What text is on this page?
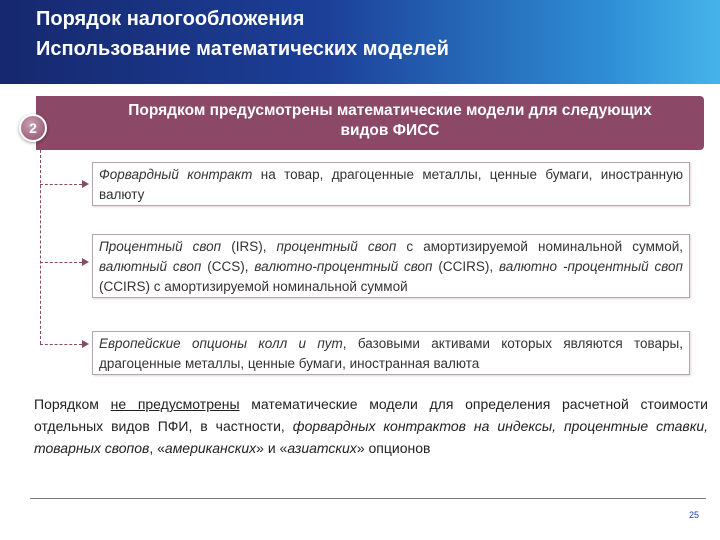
Порядок налогообложения
Использование математических моделей
Порядком предусмотрены математические модели для следующих
видов ФИСС
2
Форвардный контракт на товар, драгоценные металлы, ценные бумаги, иностранную валюту
Процентный своп (IRS), процентный своп с амортизируемой номинальной суммой, валютный своп (CCS), валютно-процентный своп (CCIRS), валютно -процентный своп (CCIRS) с амортизируемой номинальной суммой
Европейские опционы колл и пут, базовыми активами которых являются товары, драгоценные металлы, ценные бумаги, иностранная валюта
Порядком не предусмотрены математические модели для определения расчетной стоимости отдельных видов ПФИ, в частности, форвардных контрактов на индексы, процентные ставки, товарных свопов, «американских» и «азиатских» опционов
25
